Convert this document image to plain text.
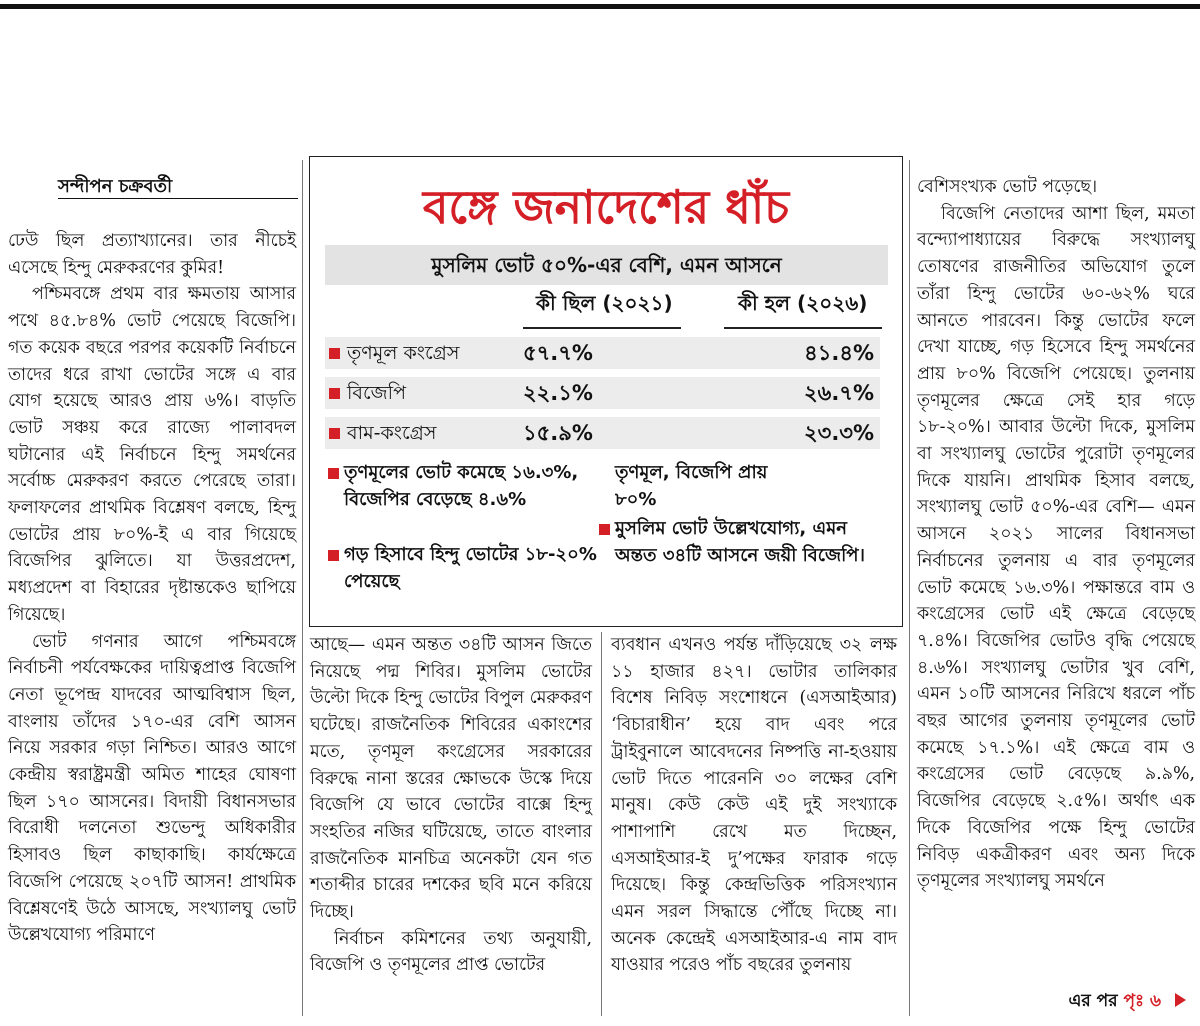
সন্দীপন চক্রবর্তী

ঢেউ ছিল প্রত্যাখ্যানের। তার নীচেই এসেছে হিন্দু মেরুকরণের কুমির!

পশ্চিমবঙ্গে প্রথম বার ক্ষমতায় আসার পথে ৪৫.৮৪% ভোট পেয়েছে বিজেপি। গত কয়েক বছরে পরপর কয়েকটি নির্বাচনে তাদের ধরে রাখা ভোটের সঙ্গে এ বার যোগ হয়েছে আরও প্রায় ৬%। বাড়তি ভোট সঞ্চয় করে রাজ্যে পালাবদল ঘটানোর এই নির্বাচনে হিন্দু সমর্থনের সর্বোচ্চ মেরুকরণ করতে পেরেছে তারা। ফলাফলের প্রাথমিক বিশ্লেষণ বলছে, হিন্দু ভোটের প্রায় ৮০%-ই এ বার গিয়েছে বিজেপির ঝুলিতে। যা উত্তরপ্রদেশ, মধ্যপ্রদেশ বা বিহারের দৃষ্টান্তকেও ছাপিয়ে গিয়েছে।

ভোট গণনার আগে পশ্চিমবঙ্গে নির্বাচনী পর্যবেক্ষকের দায়িত্বপ্রাপ্ত বিজেপি নেতা ভূপেন্দ্র যাদবের আত্মবিশ্বাস ছিল, বাংলায় তাঁদের ১৭০-এর বেশি আসন নিয়ে সরকার গড়া নিশ্চিত। আরও আগে কেন্দ্রীয় স্বরাষ্ট্রমন্ত্রী অমিত শাহের ঘোষণা ছিল ১৭০ আসনের। বিদায়ী বিধানসভার বিরোধী দলনেতা শুভেন্দু অধিকারীর হিসাবও ছিল কাছাকাছি। কার্যক্ষেত্রে বিজেপি পেয়েছে ২০৭টি আসন! প্রাথমিক বিশ্লেষণেই উঠে আসছে, সংখ্যালঘু ভোট উল্লেখযোগ্য পরিমাণে

বঙ্গে জনাদেশের ধাঁচ
মুসলিম ভোট ৫০%-এর বেশি, এমন আসনে
কী ছিল (২০২১)	কী হল (২০২৬)
তৃণমূল কংগ্রেস	৫৭.৭%	৪১.৪%
বিজেপি	২২.১%	২৬.৭%
বাম-কংগ্রেস	১৫.৯%	২৩.৩%
তৃণমূলের ভোট কমেছে ১৬.৩%, বিজেপির বেড়েছে ৪.৬%
গড় হিসাবে হিন্দু ভোটের ১৮-২০% পেয়েছে
তৃণমূল, বিজেপি প্রায় ৮০%
মুসলিম ভোট উল্লেখযোগ্য, এমন অন্তত ৩৪টি আসনে জয়ী বিজেপি।

আছে— এমন অন্তত ৩৪টি আসন জিতে নিয়েছে পদ্ম শিবির। মুসলিম ভোটের উল্টো দিকে হিন্দু ভোটের বিপুল মেরুকরণ ঘটেছে। রাজনৈতিক শিবিরের একাংশের মতে, তৃণমূল কংগ্রেসের সরকারের বিরুদ্ধে নানা স্তরের ক্ষোভকে উস্কে দিয়ে বিজেপি যে ভাবে ভোটের বাক্সে হিন্দু সংহতির নজির ঘটিয়েছে, তাতে বাংলার রাজনৈতিক মানচিত্র অনেকটা যেন গত শতাব্দীর চারের দশকের ছবি মনে করিয়ে দিচ্ছে।

নির্বাচন কমিশনের তথ্য অনুযায়ী, বিজেপি ও তৃণমূলের প্রাপ্ত ভোটের

ব্যবধান এখনও পর্যন্ত দাঁড়িয়েছে ৩২ লক্ষ ১১ হাজার ৪২৭। ভোটার তালিকার বিশেষ নিবিড় সংশোধনে (এসআইআর) ‘বিচারাধীন’ হয়ে বাদ এবং পরে ট্রাইবুনালে আবেদনের নিষ্পত্তি না-হওয়ায় ভোট দিতে পারেননি ৩০ লক্ষের বেশি মানুষ। কেউ কেউ এই দুই সংখ্যাকে পাশাপাশি রেখে মত দিচ্ছেন, এসআইআর-ই দু’পক্ষের ফারাক গড়ে দিয়েছে। কিন্তু কেন্দ্রভিত্তিক পরিসংখ্যান এমন সরল সিদ্ধান্তে পৌঁছে দিচ্ছে না। অনেক কেন্দ্রেই এসআইআর-এ নাম বাদ যাওয়ার পরেও পাঁচ বছরের তুলনায়

বেশিসংখ্যক ভোট পড়েছে।

বিজেপি নেতাদের আশা ছিল, মমতা বন্দ্যোপাধ্যায়ের বিরুদ্ধে সংখ্যালঘু তোষণের রাজনীতির অভিযোগ তুলে তাঁরা হিন্দু ভোটের ৬০-৬২% ঘরে আনতে পারবেন। কিন্তু ভোটের ফলে দেখা যাচ্ছে, গড় হিসেবে হিন্দু সমর্থনের প্রায় ৮০% বিজেপি পেয়েছে। তুলনায় তৃণমূলের ক্ষেত্রে সেই হার গড়ে ১৮-২০%। আবার উল্টো দিকে, মুসলিম বা সংখ্যালঘু ভোটের পুরোটা তৃণমূলের দিকে যায়নি। প্রাথমিক হিসাব বলছে, সংখ্যালঘু ভোট ৫০%-এর বেশি— এমন আসনে ২০২১ সালের বিধানসভা নির্বাচনের তুলনায় এ বার তৃণমূলের ভোট কমেছে ১৬.৩%। পক্ষান্তরে বাম ও কংগ্রেসের ভোট এই ক্ষেত্রে বেড়েছে ৭.৪%। বিজেপির ভোটও বৃদ্ধি পেয়েছে ৪.৬%। সংখ্যালঘু ভোটার খুব বেশি, এমন ১০টি আসনের নিরিখে ধরলে পাঁচ বছর আগের তুলনায় তৃণমূলের ভোট কমেছে ১৭.১%। এই ক্ষেত্রে বাম ও কংগ্রেসের ভোট বেড়েছে ৯.৯%, বিজেপির বেড়েছে ২.৫%। অর্থাৎ এক দিকে বিজেপির পক্ষে হিন্দু ভোটের নিবিড় একত্রীকরণ এবং অন্য দিকে তৃণমূলের সংখ্যালঘু সমর্থনে

এর পর পৃঃ ৬
